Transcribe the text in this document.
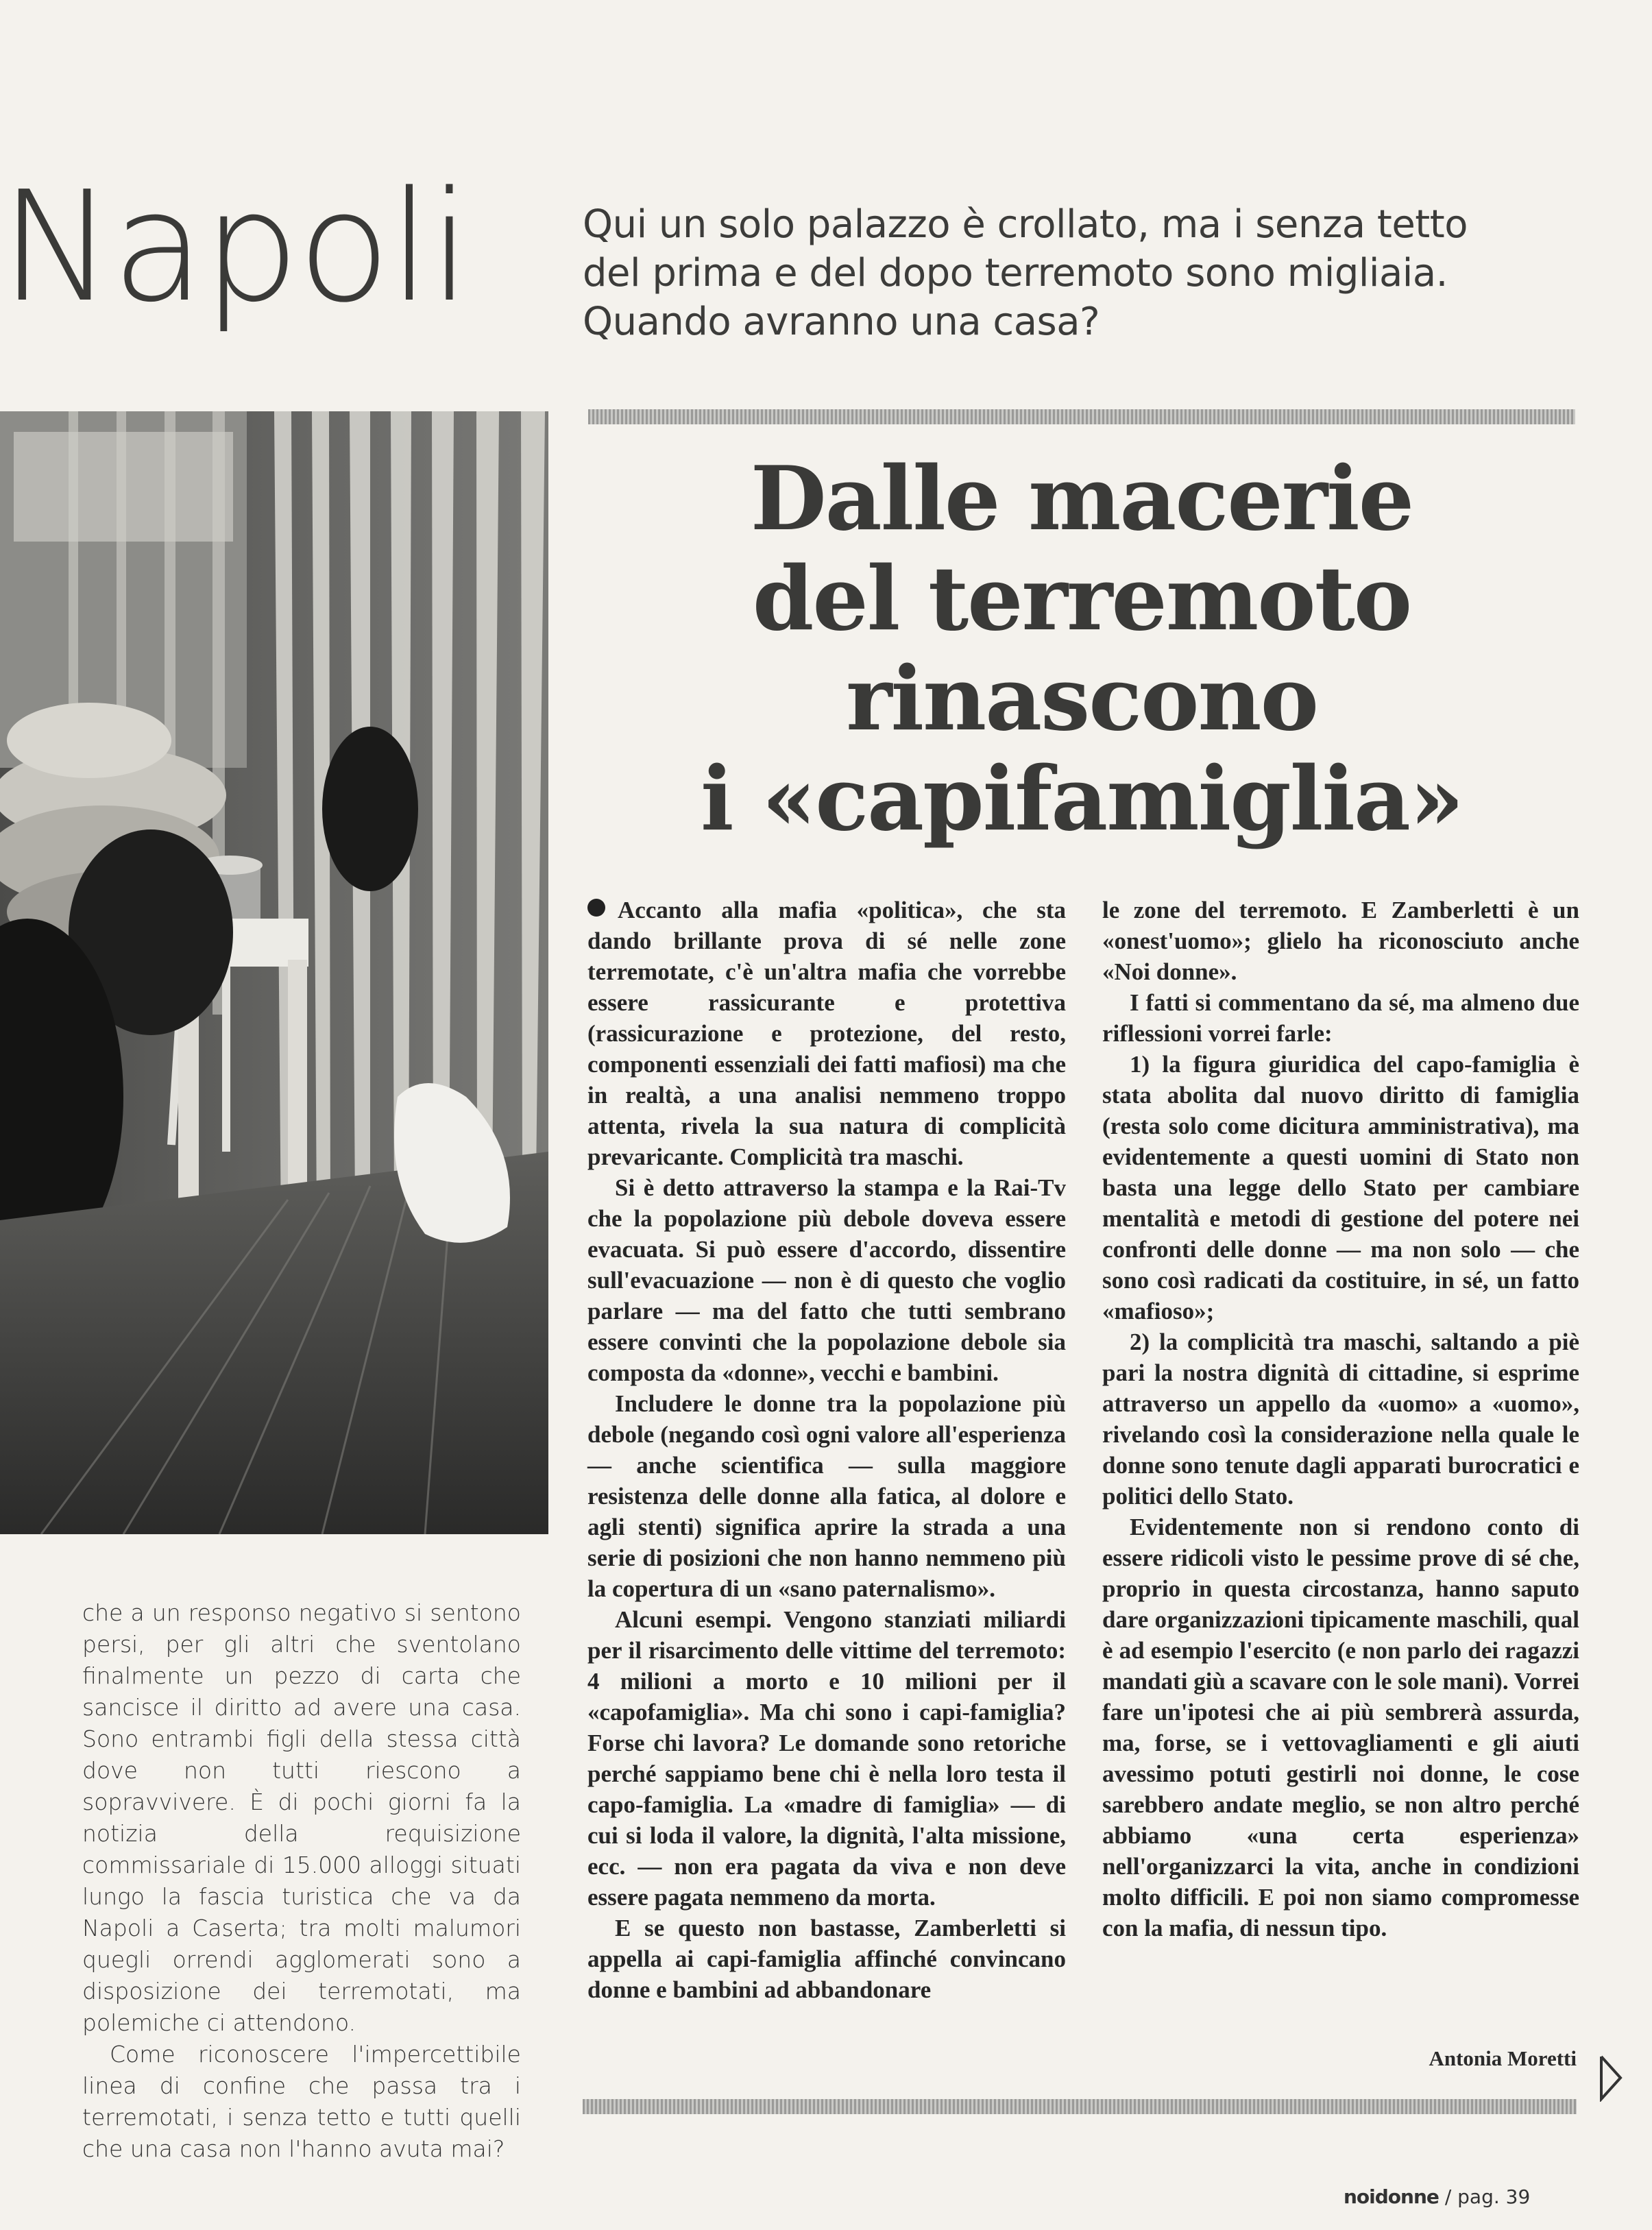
Napoli	Qui un solo palazzo è crollato, ma i senza tetto
del prima e del dopo terremoto sono migliaia.
Quando avranno una casa?
Dalle macerie
del terremoto
rinascono
i «capifamiglia»

che a un responso negativo si sentono persi, per gli altri che sventolano finalmente un pezzo di carta che sancisce il diritto ad avere una casa. Sono entrambi figli della stessa città dove non tutti riescono a sopravvivere. È di pochi giorni fa la notizia della requisizione commissariale di 15.000 alloggi situati lungo la fascia turistica che va da Napoli a Caserta; tra molti malumori quegli orrendi agglomerati sono a disposizione dei terremotati, ma polemiche ci attendono.

Come riconoscere l'impercettibile linea di confine che passa tra i terremotati, i senza tetto e tutti quelli che una casa non l'hanno avuta mai?

Accanto alla mafia «politica», che sta dando brillante prova di sé nelle zone terremotate, c'è un'altra mafia che vorrebbe essere rassicurante e protettiva (rassicurazione e protezione, del resto, componenti essenziali dei fatti mafiosi) ma che in realtà, a una analisi nemmeno troppo attenta, rivela la sua natura di complicità prevaricante. Complicità tra maschi.

Si è detto attraverso la stampa e la Rai-Tv che la popolazione più debole doveva essere evacuata. Si può essere d'accordo, dissentire sull'evacuazione — non è di questo che voglio parlare — ma del fatto che tutti sembrano essere convinti che la popolazione debole sia composta da «donne», vecchi e bambini.

Includere le donne tra la popolazione più debole (negando così ogni valore all'esperienza — anche scientifica — sulla maggiore resistenza delle donne alla fatica, al dolore e agli stenti) significa aprire la strada a una serie di posizioni che non hanno nemmeno più la copertura di un «sano paternalismo».

Alcuni esempi. Vengono stanziati miliardi per il risarcimento delle vittime del terremoto: 4 milioni a morto e 10 milioni per il «capofamiglia». Ma chi sono i capi-famiglia? Forse chi lavora? Le domande sono retoriche perché sappiamo bene chi è nella loro testa il capo-famiglia. La «madre di famiglia» — di cui si loda il valore, la dignità, l'alta missione, ecc. — non era pagata da viva e non deve essere pagata nemmeno da morta.

E se questo non bastasse, Zamberletti si appella ai capi-famiglia affinché convincano donne e bambini ad abbandonare

le zone del terremoto. E Zamberletti è un «onest'uomo»; glielo ha riconosciuto anche «Noi donne».

I fatti si commentano da sé, ma almeno due riflessioni vorrei farle:

1) la figura giuridica del capo-famiglia è stata abolita dal nuovo diritto di famiglia (resta solo come dicitura amministrativa), ma evidentemente a questi uomini di Stato non basta una legge dello Stato per cambiare mentalità e metodi di gestione del potere nei confronti delle donne — ma non solo — che sono così radicati da costituire, in sé, un fatto «mafioso»;

2) la complicità tra maschi, saltando a piè pari la nostra dignità di cittadine, si esprime attraverso un appello da «uomo» a «uomo», rivelando così la considerazione nella quale le donne sono tenute dagli apparati burocratici e politici dello Stato.

Evidentemente non si rendono conto di essere ridicoli visto le pessime prove di sé che, proprio in questa circostanza, hanno saputo dare organizzazioni tipicamente maschili, qual è ad esempio l'esercito (e non parlo dei ragazzi mandati giù a scavare con le sole mani). Vorrei fare un'ipotesi che ai più sembrerà assurda, ma, forse, se i vettovagliamenti e gli aiuti avessimo potuti gestirli noi donne, le cose sarebbero andate meglio, se non altro perché abbiamo «una certa esperienza» nell'organizzarci la vita, anche in condizioni molto difficili. E poi non siamo compromesse con la mafia, di nessun tipo.

Antonia Moretti
noidonne / pag. 39
